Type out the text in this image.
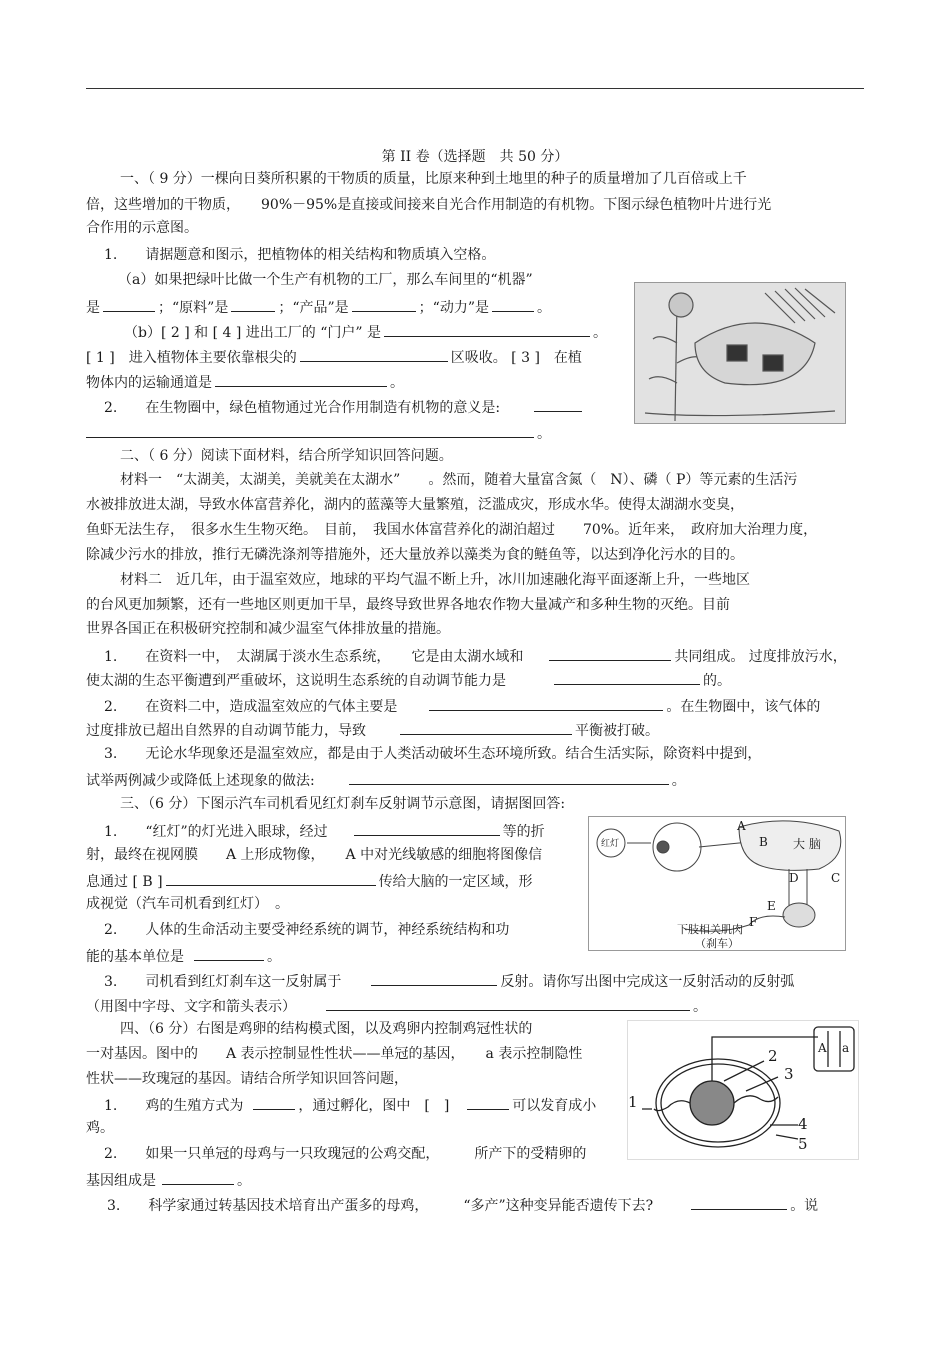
第 II 卷（选择题　共 50 分）
一、（ 9 分）一棵向日葵所积累的干物质的质量，比原来种到土地里的种子的质量增加了几百倍或上千
倍，这些增加的干物质，　　90%－95%是直接或间接来自光合作用制造的有机物。下图示绿色植物叶片进行光
合作用的示意图。
1.　　请据题意和图示，把植物体的相关结构和物质填入空格。
（a）如果把绿叶比做一个生产有机物的工厂，那么车间里的“机器”
是	；“原料”是	；“产品”是	；“动力”是	。
（b）[ 2 ] 和 [ 4 ] 进出工厂的 “门户” 是	。
[ 1 ]　进入植物体主要依靠根尖的	区吸收。 [ 3 ]　在植
物体内的运输通道是	。
2.　　在生物圈中，绿色植物通过光合作用制造有机物的意义是:
。
二、（ 6 分）阅读下面材料，结合所学知识回答问题。
材料一　“太湖美，太湖美，美就美在太湖水”　　。然而，随着大量富含氮（　N）、磷（ P）等元素的生活污
水被排放进太湖，导致水体富营养化，湖内的蓝藻等大量繁殖，泛滥成灾，形成水华。使得太湖湖水变臭，
鱼虾无法生存，　很多水生生物灭绝。　目前，　我国水体富营养化的湖泊超过　　70%。近年来，　政府加大治理力度，
除减少污水的排放，推行无磷洗涤剂等措施外，还大量放养以藻类为食的鲢鱼等，以达到净化污水的目的。
材料二　近几年，由于温室效应，地球的平均气温不断上升，冰川加速融化海平面逐渐上升，一些地区
的台风更加频繁，还有一些地区则更加干旱，最终导致世界各地农作物大量减产和多种生物的灭绝。目前
世界各国正在积极研究控制和减少温室气体排放量的措施。
1.　　在资料一中，　太湖属于淡水生态系统，　　它是由太湖水域和	共同组成。 过度排放污水，
使太湖的生态平衡遭到严重破坏，这说明生态系统的自动调节能力是	的。
2.　　在资料二中，造成温室效应的气体主要是	。在生物圈中，该气体的
过度排放已超出自然界的自动调节能力，导致	平衡被打破。
3.　　无论水华现象还是温室效应，都是由于人类活动破坏生态环境所致。结合生活实际，除资料中提到，
试举两例减少或降低上述现象的做法:	。
三、（6 分）下图示汽车司机看见红灯刹车反射调节示意图，请据图回答:
1.　　“红灯”的灯光进入眼球，经过	等的折
射，最终在视网膜　　A 上形成物像，　　A 中对光线敏感的细胞将图像信
息通过 [ B ]	传给大脑的一定区域，形
成视觉（汽车司机看到红灯）　。
2.　　人体的生命活动主要受神经系统的调节，神经系统结构和功
能的基本单位是	。
3.　　司机看到红灯刹车这一反射属于	反射。请你写出图中完成这一反射活动的反射弧
（用图中字母、文字和箭头表示）	。
红灯
A
B 大 脑
D	C
E
F
下肢相关肌肉
（刹车）
四、（6 分）右图是鸡卵的结构模式图，以及鸡卵内控制鸡冠性状的
一对基因。图中的　　A 表示控制显性性状——单冠的基因，　　a 表示控制隐性
性状——玫瑰冠的基因。请结合所学知识回答问题，
1.　　鸡的生殖方式为	，通过孵化，图中　[　]	可以发育成小
鸡。
2.　　如果一只单冠的母鸡与一只玫瑰冠的公鸡交配，　　　所产下的受精卵的
基因组成是	。
3.　　科学家通过转基因技术培育出产蛋多的母鸡，　　　“多产”这种变异能否遗传下去?	。说
1
2
3
4
5
A a
